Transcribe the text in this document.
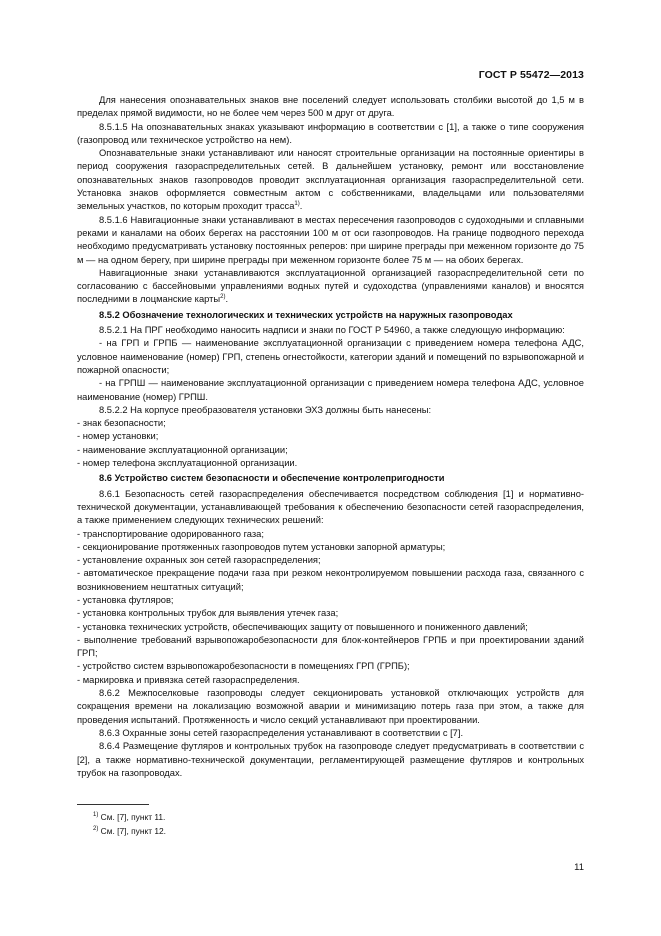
ГОСТ Р 55472—2013

Для нанесения опознавательных знаков вне поселений следует использовать столбики высотой до 1,5 м в пределах прямой видимости, но не более чем через 500 м друг от друга.

8.5.1.5 На опознавательных знаках указывают информацию в соответствии с [1], а также о типе сооружения (газопровод или техническое устройство на нем).

Опознавательные знаки устанавливают или наносят строительные организации на постоянные ориентиры в период сооружения газораспределительных сетей. В дальнейшем установку, ремонт или восстановление опознавательных знаков газопроводов проводит эксплуатационная организация газораспределительной сети. Установка знаков оформляется совместным актом с собственниками, владельцами или пользователями земельных участков, по которым проходит трасса$^{1)}$.

8.5.1.6 Навигационные знаки устанавливают в местах пересечения газопроводов с судоходными и сплавными реками и каналами на обоих берегах на расстоянии 100 м от оси газопроводов. На границе подводного перехода необходимо предусматривать установку постоянных реперов: при ширине преграды при меженном горизонте до 75 м — на одном берегу, при ширине преграды при меженном горизонте более 75 м — на обоих берегах.

Навигационные знаки устанавливаются эксплуатационной организацией газораспределительной сети по согласованию с бассейновыми управлениями водных путей и судоходства (управлениями каналов) и вносятся последними в лоцманские карты$^{2)}$.

8.5.2 Обозначение технологических и технических устройств на наружных газопроводах

8.5.2.1 На ПРГ необходимо наносить надписи и знаки по ГОСТ Р 54960, а также следующую информацию:

- на ГРП и ГРПБ — наименование эксплуатационной организации с приведением номера телефона АДС, условное наименование (номер) ГРП, степень огнестойкости, категории зданий и помещений по взрывопожарной и пожарной опасности;

- на ГРПШ — наименование эксплуатационной организации с приведением номера телефона АДС, условное наименование (номер) ГРПШ.

8.5.2.2 На корпусе преобразователя установки ЭХЗ должны быть нанесены:

- знак безопасности;

- номер установки;

- наименование эксплуатационной организации;

- номер телефона эксплуатационной организации.

8.6 Устройство систем безопасности и обеспечение контролепригодности

8.6.1 Безопасность сетей газораспределения обеспечивается посредством соблюдения [1] и нормативно-технической документации, устанавливающей требования к обеспечению безопасности сетей газораспределения, а также применением следующих технических решений:

- транспортирование одорированного газа;

- секционирование протяженных газопроводов путем установки запорной арматуры;

- установление охранных зон сетей газораспределения;

- автоматическое прекращение подачи газа при резком неконтролируемом повышении расхода газа, связанного с возникновением нештатных ситуаций;

- установка футляров;

- установка контрольных трубок для выявления утечек газа;

- установка технических устройств, обеспечивающих защиту от повышенного и пониженного давлений;

- выполнение требований взрывопожаробезопасности для блок-контейнеров ГРПБ и при проектировании зданий ГРП;

- устройство систем взрывопожаробезопасности в помещениях ГРП (ГРПБ);

- маркировка и привязка сетей газораспределения.

8.6.2 Межпоселковые газопроводы следует секционировать установкой отключающих устройств для сокращения времени на локализацию возможной аварии и минимизацию потерь газа при этом, а также для проведения испытаний. Протяженность и число секций устанавливают при проектировании.

8.6.3 Охранные зоны сетей газораспределения устанавливают в соответствии с [7].

8.6.4 Размещение футляров и контрольных трубок на газопроводе следует предусматривать в соответствии с [2], а также нормативно-технической документации, регламентирующей размещение футляров и контрольных трубок на газопроводах.

$^{1)}$ См. [7], пункт 11.
$^{2)}$ См. [7], пункт 12.
11
